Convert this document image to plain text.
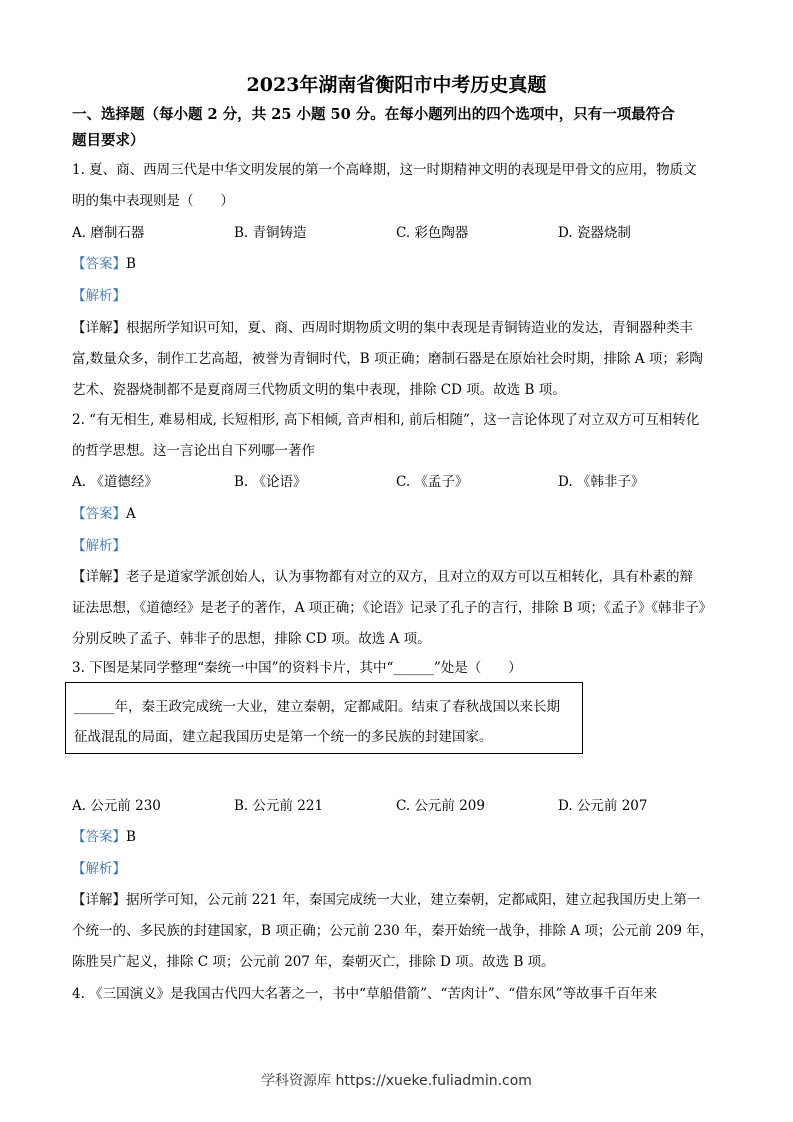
2023年湖南省衡阳市中考历史真题
一、选择题（每小题 2 分，共 25 小题 50 分。在每小题列出的四个选项中，只有一项最符合
题目要求）
1. 夏、商、西周三代是中华文明发展的第一个高峰期，这一时期精神文明的表现是甲骨文的应用，物质文
明的集中表现则是（　　）
A. 磨制石器	B. 青铜铸造	C. 彩色陶器	D. 瓷器烧制
【答案】B
【解析】
【详解】根据所学知识可知，夏、商、西周时期物质文明的集中表现是青铜铸造业的发达，青铜器种类丰
富,数量众多，制作工艺高超，被誉为青铜时代，B 项正确；磨制石器是在原始社会时期，排除 A 项；彩陶
艺术、瓷器烧制都不是夏商周三代物质文明的集中表现，排除 CD 项。故选 B 项。
2. “有无相生, 难易相成, 长短相形, 高下相倾, 音声相和, 前后相随”，这一言论体现了对立双方可互相转化
的哲学思想。这一言论出自下列哪一著作
A. 《道德经》	B. 《论语》	C. 《孟子》	D. 《韩非子》
【答案】A
【解析】
【详解】老子是道家学派创始人，认为事物都有对立的双方，且对立的双方可以互相转化，具有朴素的辩
证法思想，《道德经》是老子的著作，A 项正确；《论语》记录了孔子的言行，排除 B 项；《孟子》《韩非子》
分别反映了孟子、韩非子的思想，排除 CD 项。故选 A 项。
3. 下图是某同学整理“秦统一中国”的资料卡片，其中“______”处是（　　）
______年，秦王政完成统一大业，建立秦朝，定都咸阳。结束了春秋战国以来长期
征战混乱的局面，建立起我国历史是第一个统一的多民族的封建国家。
A. 公元前 230	B. 公元前 221	C. 公元前 209	D. 公元前 207
【答案】B
【解析】
【详解】据所学可知，公元前 221 年，秦国完成统一大业，建立秦朝，定都咸阳，建立起我国历史上第一
个统一的、多民族的封建国家，B 项正确；公元前 230 年，秦开始统一战争，排除 A 项；公元前 209 年，
陈胜吴广起义，排除 C 项；公元前 207 年，秦朝灭亡，排除 D 项。故选 B 项。
4. 《三国演义》是我国古代四大名著之一，书中“草船借箭”、“苦肉计”、“借东风”等故事千百年来
学科资源库 https://xueke.fuliadmin.com
